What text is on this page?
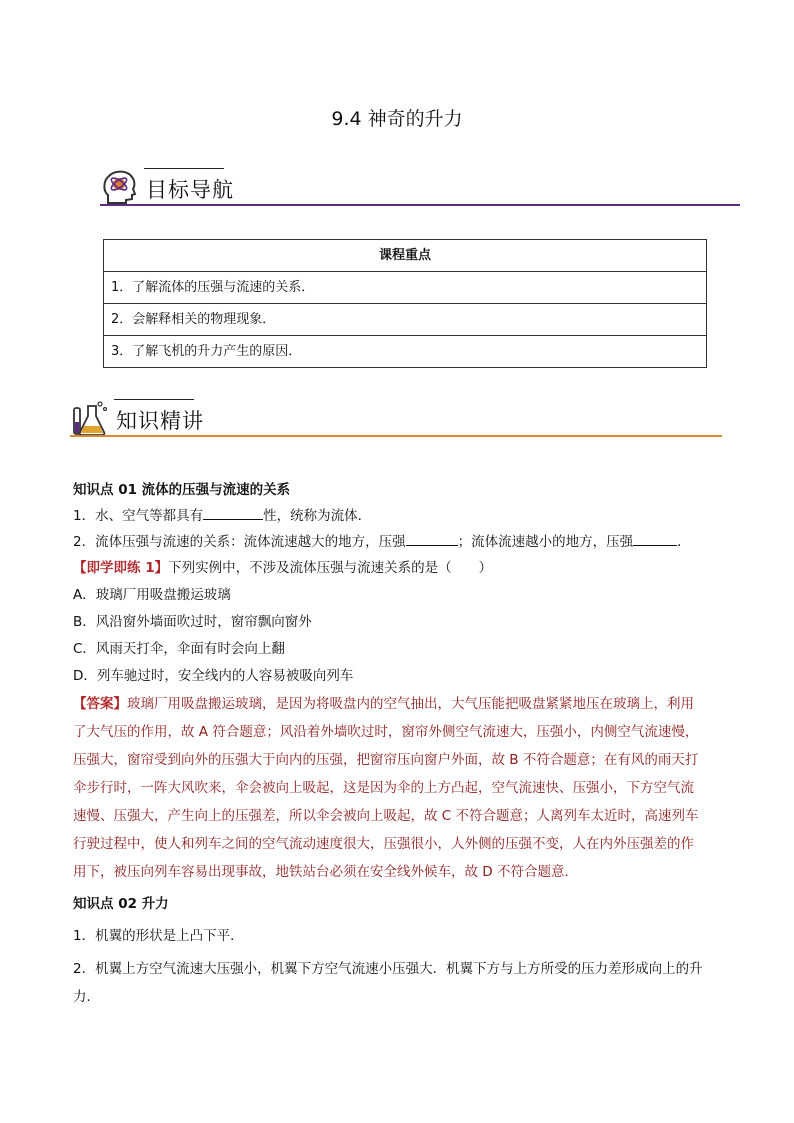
9.4 神奇的升力
目标导航
课程重点
1．了解流体的压强与流速的关系．
2．会解释相关的物理现象．
3．了解飞机的升力产生的原因．
知识精讲
知识点 01 流体的压强与流速的关系
1．水、空气等都具有	性，统称为流体．
2．流体压强与流速的关系：流体流速越大的地方，压强	；流体流速越小的地方，压强	．
【即学即练 1】下列实例中，不涉及流体压强与流速关系的是（　　）
A．玻璃厂用吸盘搬运玻璃
B．风沿窗外墙面吹过时，窗帘飘向窗外
C．风雨天打伞，伞面有时会向上翻
D．列车驰过时，安全线内的人容易被吸向列车
【答案】玻璃厂用吸盘搬运玻璃，是因为将吸盘内的空气抽出，大气压能把吸盘紧紧地压在玻璃上，利用
了大气压的作用，故 A 符合题意；风沿着外墙吹过时，窗帘外侧空气流速大，压强小，内侧空气流速慢，
压强大，窗帘受到向外的压强大于向内的压强，把窗帘压向窗户外面，故 B 不符合题意；在有风的雨天打
伞步行时，一阵大风吹来，伞会被向上吸起，这是因为伞的上方凸起，空气流速快、压强小，下方空气流
速慢、压强大，产生向上的压强差，所以伞会被向上吸起，故 C 不符合题意；人离列车太近时，高速列车
行驶过程中，使人和列车之间的空气流动速度很大，压强很小，人外侧的压强不变，人在内外压强差的作
用下，被压向列车容易出现事故，地铁站台必须在安全线外候车，故 D 不符合题意．
知识点 02 升力
1．机翼的形状是上凸下平．
2．机翼上方空气流速大压强小，机翼下方空气流速小压强大．机翼下方与上方所受的压力差形成向上的升
力．
